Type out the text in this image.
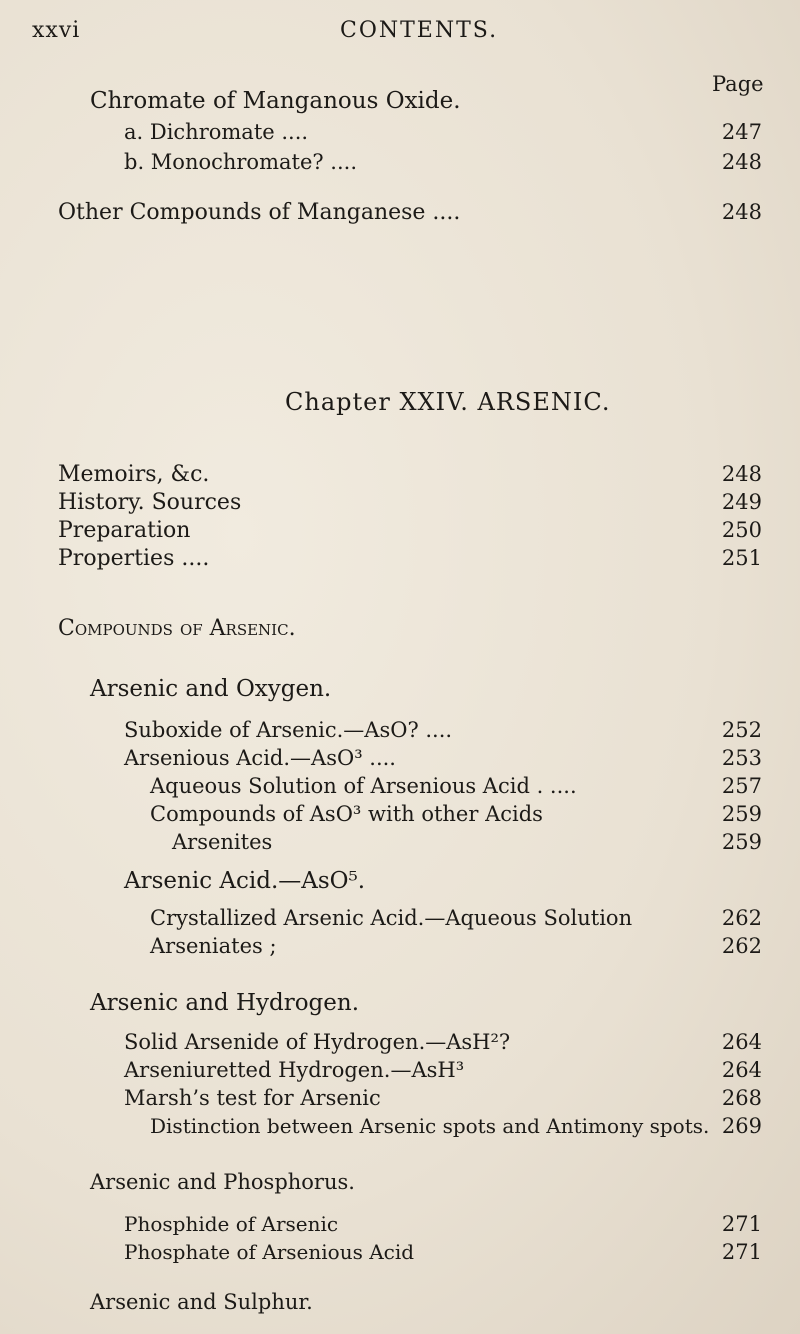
xxvi	CONTENTS.
Page
Chromate of Manganous Oxide.
a. Dichromate ....	247
b. Monochromate? ....	248
Other Compounds of Manganese ....	248
Chapter XXIV. ARSENIC.
Memoirs, &c.	248
History. Sources	249
Preparation	250
Properties ....	251
Compounds of Arsenic.
Arsenic and Oxygen.
Suboxide of Arsenic.—AsO? ....	252
Arsenious Acid.—AsO³ ....	253
Aqueous Solution of Arsenious Acid . ....	257
Compounds of AsO³ with other Acids	259
Arsenites	259
Arsenic Acid.—AsO⁵.
Crystallized Arsenic Acid.—Aqueous Solution	262
Arseniates ;	262
Arsenic and Hydrogen.
Solid Arsenide of Hydrogen.—AsH²?	264
Arseniuretted Hydrogen.—AsH³	264
Marsh’s test for Arsenic	268
Distinction between Arsenic spots and Antimony spots. 269
Arsenic and Phosphorus.
Phosphide of Arsenic	271
Phosphate of Arsenious Acid	271
Arsenic and Sulphur.
